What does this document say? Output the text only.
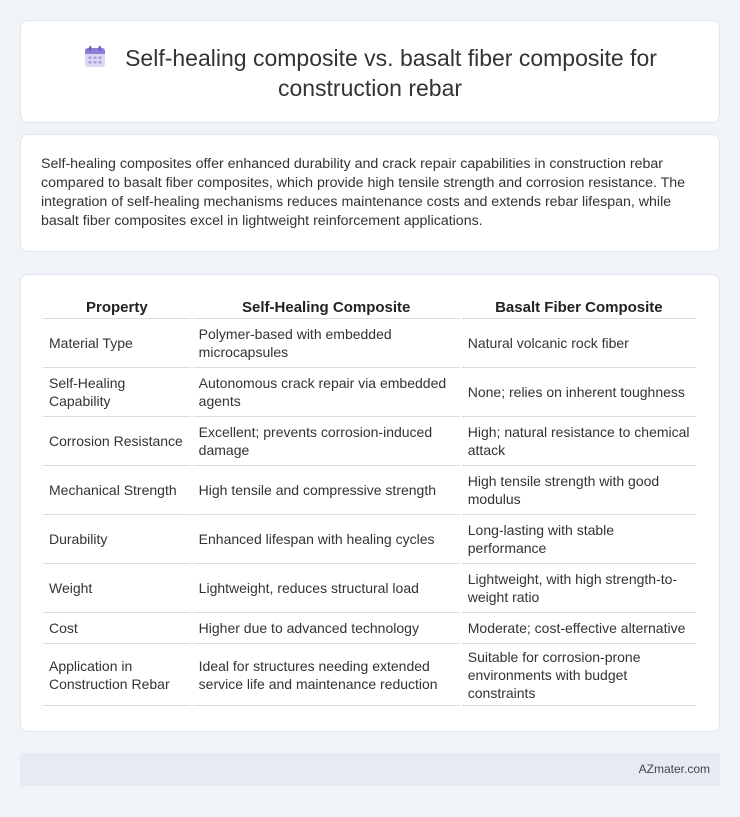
Self-healing composite vs. basalt fiber composite for construction rebar

Self-healing composites offer enhanced durability and crack repair capabilities in construction rebar compared to basalt fiber composites, which provide high tensile strength and corrosion resistance. The integration of self-healing mechanisms reduces maintenance costs and extends rebar lifespan, while basalt fiber composites excel in lightweight reinforcement applications.

Property	Self-Healing Composite	Basalt Fiber Composite
Material Type	Polymer-based with embedded microcapsules	Natural volcanic rock fiber
Self-Healing Capability	Autonomous crack repair via embedded agents	None; relies on inherent toughness
Corrosion Resistance	Excellent; prevents corrosion-induced damage	High; natural resistance to chemical attack
Mechanical Strength	High tensile and compressive strength	High tensile strength with good modulus
Durability	Enhanced lifespan with healing cycles	Long-lasting with stable performance
Weight	Lightweight, reduces structural load	Lightweight, with high strength-to-weight ratio
Cost	Higher due to advanced technology	Moderate; cost-effective alternative
Application in Construction Rebar	Ideal for structures needing extended service life and maintenance reduction	Suitable for corrosion-prone environments with budget constraints
AZmater.com
